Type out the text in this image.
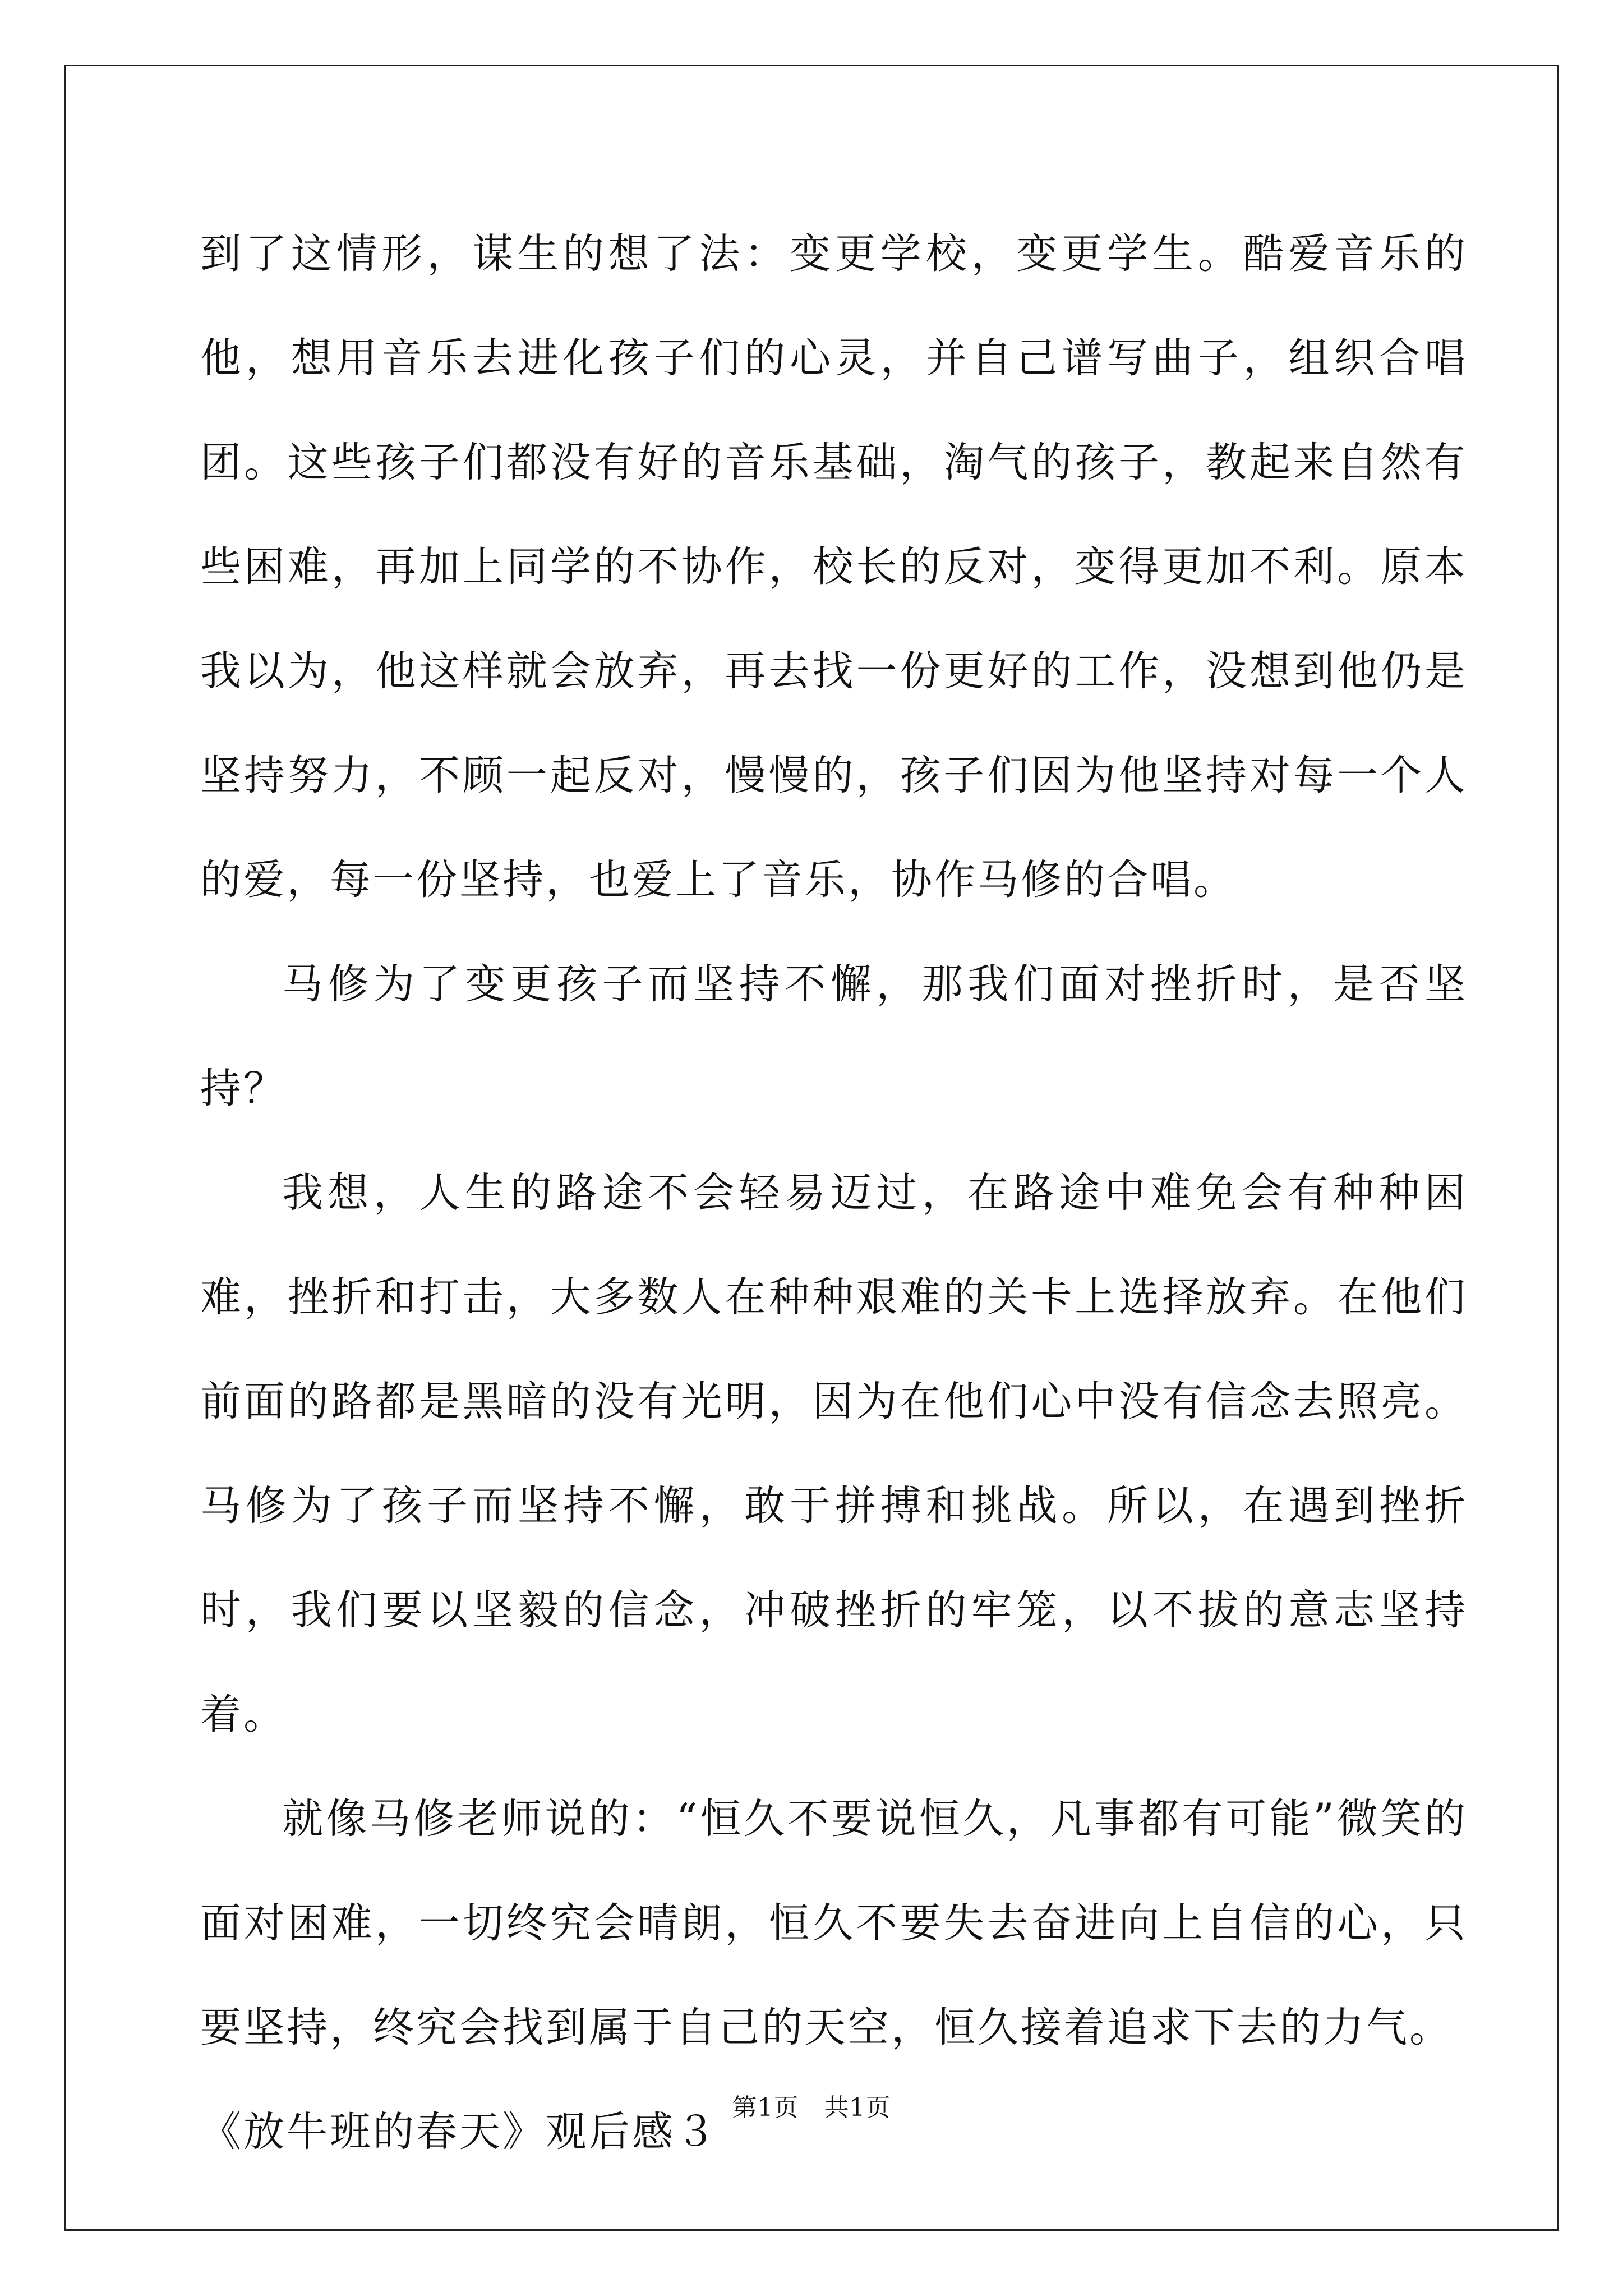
到了这情形，谋生的想了法：变更学校，变更学生。酷爱音乐的他，想用音乐去进化孩子们的心灵，并自己谱写曲子，组织合唱团。这些孩子们都没有好的音乐基础，淘气的孩子，教起来自然有些困难，再加上同学的不协作，校长的反对，变得更加不利。原本我以为，他这样就会放弃，再去找一份更好的工作，没想到他仍是坚持努力，不顾一起反对，慢慢的，孩子们因为他坚持对每一个人的爱，每一份坚持，也爱上了音乐，协作马修的合唱。

马修为了变更孩子而坚持不懈，那我们面对挫折时，是否坚持？

我想，人生的路途不会轻易迈过，在路途中难免会有种种困难，挫折和打击，大多数人在种种艰难的关卡上选择放弃。在他们前面的路都是黑暗的没有光明，因为在他们心中没有信念去照亮。马修为了孩子而坚持不懈，敢于拼搏和挑战。所以，在遇到挫折时，我们要以坚毅的信念，冲破挫折的牢笼，以不拔的意志坚持着。

就像马修老师说的：“恒久不要说恒久，凡事都有可能”微笑的面对困难，一切终究会晴朗，恒久不要失去奋进向上自信的心，只要坚持，终究会找到属于自己的天空，恒久接着追求下去的力气。

《放牛班的春天》观后感３

第1页　共1页
